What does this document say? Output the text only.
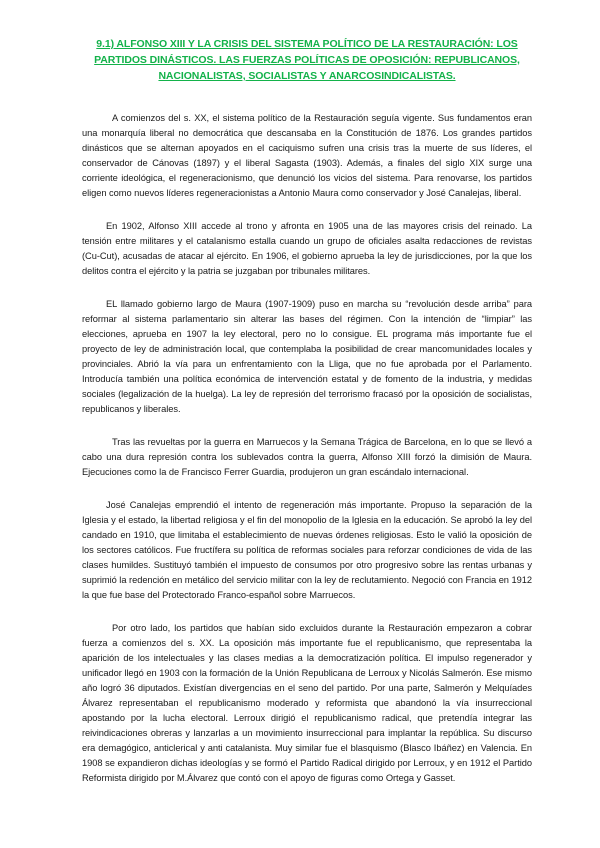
9.1) ALFONSO XIII Y LA CRISIS DEL SISTEMA POLÍTICO DE LA RESTAURACIÓN: LOS PARTIDOS DINÁSTICOS. LAS FUERZAS POLÍTICAS DE OPOSICIÓN: REPUBLICANOS, NACIONALISTAS, SOCIALISTAS Y ANARCOSINDICALISTAS.

A comienzos del s. XX, el sistema político de la Restauración seguía vigente. Sus fundamentos eran una monarquía liberal no democrática que descansaba en la Constitución de 1876. Los grandes partidos dinásticos que se alternan apoyados en el caciquismo sufren una crisis tras la muerte de sus líderes, el conservador de Cánovas (1897) y el liberal Sagasta (1903). Además, a finales del siglo XIX surge una corriente ideológica, el regeneracionismo, que denunció los vicios del sistema. Para renovarse, los partidos eligen como nuevos líderes regeneracionistas a Antonio Maura como conservador y José Canalejas, liberal.

En 1902, Alfonso XIII accede al trono y afronta en 1905 una de las mayores crisis del reinado. La tensión entre militares y el catalanismo estalla cuando un grupo de oficiales asalta redacciones de revistas (Cu-Cut), acusadas de atacar al ejército. En 1906, el gobierno aprueba la ley de jurisdicciones, por la que los delitos contra el ejército y la patria se juzgaban por tribunales militares.

EL llamado gobierno largo de Maura (1907-1909) puso en marcha su “revolución desde arriba” para reformar al sistema parlamentario sin alterar las bases del régimen. Con la intención de “limpiar” las elecciones, aprueba en 1907 la ley electoral, pero no lo consigue. EL programa más importante fue el proyecto de ley de administración local, que contemplaba la posibilidad de crear mancomunidades locales y provinciales. Abrió la vía para un enfrentamiento con la Lliga, que no fue aprobada por el Parlamento. Introducía también una política económica de intervención estatal y de fomento de la industria, y medidas sociales (legalización de la huelga). La ley de represión del terrorismo fracasó por la oposición de socialistas, republicanos y liberales.

Tras las revueltas por la guerra en Marruecos y la Semana Trágica de Barcelona, en lo que se llevó a cabo una dura represión contra los sublevados contra la guerra, Alfonso XIII forzó la dimisión de Maura. Ejecuciones como la de Francisco Ferrer Guardia, produjeron un gran escándalo internacional.

José Canalejas emprendió el intento de regeneración más importante. Propuso la separación de la Iglesia y el estado, la libertad religiosa y el fin del monopolio de la Iglesia en la educación. Se aprobó la ley del candado en 1910, que limitaba el establecimiento de nuevas órdenes religiosas. Esto le valió la oposición de los sectores católicos. Fue fructífera su política de reformas sociales para reforzar condiciones de vida de las clases humildes. Sustituyó también el impuesto de consumos por otro progresivo sobre las rentas urbanas y suprimió la redención en metálico del servicio militar con la ley de reclutamiento. Negoció con Francia en 1912 la que fue base del Protectorado Franco-español sobre Marruecos.

Por otro lado, los partidos que habían sido excluidos durante la Restauración empezaron a cobrar fuerza a comienzos del s. XX. La oposición más importante fue el republicanismo, que representaba la aparición de los intelectuales y las clases medias a la democratización política. El impulso regenerador y unificador llegó en 1903 con la formación de la Unión Republicana de Lerroux y Nicolás Salmerón. Ese mismo año logró 36 diputados. Existían divergencias en el seno del partido. Por una parte, Salmerón y Melquíades Álvarez representaban el republicanismo moderado y reformista que abandonó la vía insurreccional apostando por la lucha electoral. Lerroux dirigió el republicanismo radical, que pretendía integrar las reivindicaciones obreras y lanzarlas a un movimiento insurreccional para implantar la república. Su discurso era demagógico, anticlerical y anti catalanista. Muy similar fue el blasquismo (Blasco Ibáñez) en Valencia. En 1908 se expandieron dichas ideologías y se formó el Partido Radical dirigido por Lerroux, y en 1912 el Partido Reformista dirigido por M.Álvarez que contó con el apoyo de figuras como Ortega y Gasset.
